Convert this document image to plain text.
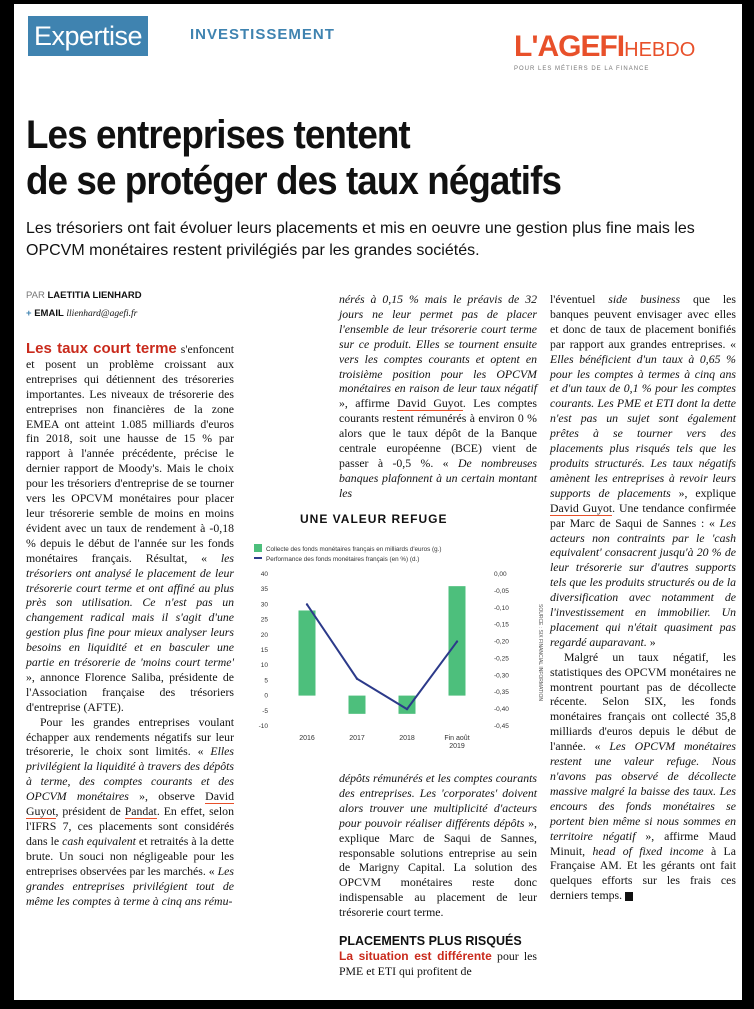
Expertise	INVESTISSEMENT	L'AGEFIHEBDO
POUR LES MÉTIERS DE LA FINANCE
Les entreprises tentent
de se protéger des taux négatifs
Les trésoriers ont fait évoluer leurs placements et mis en oeuvre une gestion plus fine mais les OPCVM monétaires restent privilégiés par les grandes sociétés.
PAR LAETITIA LIENHARD
+ EMAIL llienhard@agefi.fr

Les taux court terme s'enfoncent et posent un problème croissant aux entreprises qui détiennent des trésoreries importantes. Les niveaux de trésorerie des entreprises non financières de la zone EMEA ont atteint 1.085 milliards d'euros fin 2018, soit une hausse de 15 % par rapport à l'année précédente, précise le dernier rapport de Moody's. Mais le choix pour les trésoriers d'entreprise de se tourner vers les OPCVM monétaires pour placer leur trésorerie semble de moins en moins évident avec un taux de rendement à -0,18 % depuis le début de l'année sur les fonds monétaires français. Résultat, « les trésoriers ont analysé le placement de leur trésorerie court terme et ont affiné au plus près son utilisation. Ce n'est pas un changement radical mais il s'agit d'une gestion plus fine pour mieux analyser leurs besoins en liquidité et en basculer une partie en trésorerie de 'moins court terme' », annonce Florence Saliba, présidente de l'Association française des trésoriers d'entreprise (AFTE).

Pour les grandes entreprises voulant échapper aux rendements négatifs sur leur trésorerie, le choix sont limités. « Elles privilégient la liquidité à travers des dépôts à terme, des comptes courants et des OPCVM monétaires », observe David Guyot, président de Pandat. En effet, selon l'IFRS 7, ces placements sont considérés dans le cash equivalent et retraités à la dette brute. Un souci non négligeable pour les entreprises observées par les marchés. « Les grandes entreprises privilégient tout de même les comptes à terme à cinq ans rému-

nérés à 0,15 % mais le préavis de 32 jours ne leur permet pas de placer l'ensemble de leur trésorerie court terme sur ce produit. Elles se tournent ensuite vers les comptes courants et optent en troisième position pour les OPCVM monétaires en raison de leur taux négatif », affirme David Guyot. Les comptes courants restent rémunérés à environ 0 % alors que le taux dépôt de la Banque centrale européenne (BCE) vient de passer à -0,5 %. « De nombreuses banques plafonnent à un certain montant les

UNE VALEUR REFUGE
Collecte des fonds monétaires français en milliards d'euros (g.)
Performance des fonds monétaires français (en %) (d.)
40
35
30
25
20
15
10
5
0
-5
-10
0,00
-0,05
-0,10
-0,15
-0,20
-0,25
-0,30
-0,35
-0,40
-0,45
2016	2017	2018	Fin août
2019
SOURCE : SIX FINANCIAL INFORMATION

dépôts rémunérés et les comptes courants des entreprises. Les 'corporates' doivent alors trouver une multiplicité d'acteurs pour pouvoir réaliser différents dépôts », explique Marc de Saqui de Sannes, responsable solutions entreprise au sein de Marigny Capital. La solution des OPCVM monétaires reste donc indispensable au placement de leur trésorerie court terme.

PLACEMENTS PLUS RISQUÉS

La situation est différente pour les PME et ETI qui profitent de

l'éventuel side business que les banques peuvent envisager avec elles et donc de taux de placement bonifiés par rapport aux grandes entreprises. « Elles bénéficient d'un taux à 0,65 % pour les comptes à termes à cinq ans et d'un taux de 0,1 % pour les comptes courants. Les PME et ETI dont la dette n'est pas un sujet sont également prêtes à se tourner vers des placements plus risqués tels que les produits structurés. Les taux négatifs amènent les entreprises à revoir leurs supports de placements », explique David Guyot. Une tendance confirmée par Marc de Saqui de Sannes : « Les acteurs non contraints par le 'cash equivalent' consacrent jusqu'à 20 % de leur trésorerie sur d'autres supports tels que les produits structurés ou de la diversification avec notamment de l'investissement en immobilier. Un placement qui n'était quasiment pas regardé auparavant. »

Malgré un taux négatif, les statistiques des OPCVM monétaires ne montrent pourtant pas de décollecte récente. Selon SIX, les fonds monétaires français ont collecté 35,8 milliards d'euros depuis le début de l'année. « Les OPCVM monétaires restent une valeur refuge. Nous n'avons pas observé de décollecte massive malgré la baisse des taux. Les encours des fonds monétaires se portent bien même si nous sommes en territoire négatif », affirme Maud Minuit, head of fixed income à La Française AM. Et les gérants ont fait quelques efforts sur les frais ces derniers temps.
